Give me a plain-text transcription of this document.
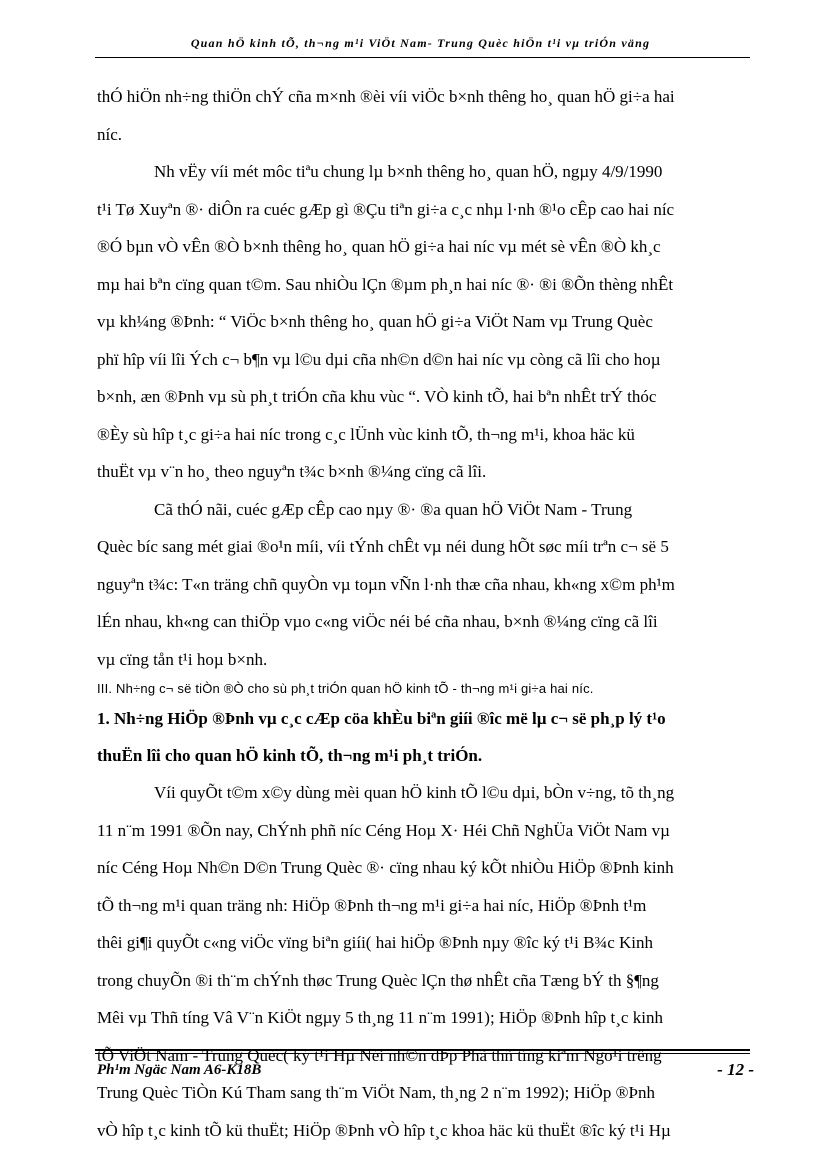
Quan hÖ kinh tÕ, th¬ng m¹i ViÖt Nam- Trung Quèc hiÖn t¹i vµ triÓn väng

thÓ hiÖn nh÷ng thiÖn chÝ cña m×nh ®èi víi viÖc b×nh thêng ho¸ quan hÖ gi÷a hai
níc.

Nh vËy víi mét môc tiªu chung lµ b×nh thêng ho¸ quan hÖ, ngµy 4/9/1990
t¹i Tø Xuyªn ®· diÔn ra cuéc gÆp gì ®Çu tiªn gi÷a c¸c nhµ l·nh ®¹o cÊp cao hai níc
®Ó bµn vÒ vÊn ®Ò b×nh thêng ho¸ quan hÖ gi÷a hai níc vµ mét sè vÊn ®Ò kh¸c
mµ hai bªn cïng quan t©m. Sau nhiÒu lÇn ®µm ph¸n hai níc ®· ®i ®Õn thèng nhÊt
vµ kh¼ng ®Þnh: “ ViÖc b×nh thêng ho¸ quan hÖ gi÷a ViÖt Nam vµ Trung Quèc
phï hîp víi lîi Ých c¬ b¶n vµ l©u dµi cña nh©n d©n hai níc vµ còng cã lîi cho hoµ
b×nh, æn ®Þnh vµ sù ph¸t triÓn cña khu vùc “. VÒ kinh tÕ, hai bªn nhÊt trÝ thóc
®Èy sù hîp t¸c gi÷a hai níc trong c¸c lÜnh vùc kinh tÕ, th¬ng m¹i, khoa häc kü
thuËt vµ v¨n ho¸ theo nguyªn t¾c b×nh ®¼ng cïng cã lîi.

Cã thÓ nãi, cuéc gÆp cÊp cao nµy ®· ®a quan hÖ ViÖt Nam - Trung
Quèc bíc sang mét giai ®o¹n míi, víi tÝnh chÊt vµ néi dung hÕt søc míi trªn c¬ së 5
nguyªn t¾c: T«n träng chñ quyÒn vµ toµn vÑn l·nh thæ cña nhau, kh«ng x©m ph¹m
lÉn nhau, kh«ng can thiÖp vµo c«ng viÖc néi bé cña nhau, b×nh ®¼ng cïng cã lîi
vµ cïng tån t¹i hoµ b×nh.

III. Nh÷ng c¬ së tiÒn ®Ò cho sù ph¸t triÓn quan hÖ kinh tÕ - th¬ng m¹i gi÷a hai níc.

1. Nh÷ng HiÖp ®Þnh vµ c¸c cÆp cöa khÈu biªn giíi ®îc më lµ c¬ së ph¸p lý t¹o
thuËn lîi cho quan hÖ kinh tÕ, th¬ng m¹i ph¸t triÓn.

Víi quyÕt t©m x©y dùng mèi quan hÖ kinh tÕ l©u dµi, bÒn v÷ng, tõ th¸ng
11 n¨m 1991 ®Õn nay, ChÝnh phñ níc Céng Hoµ X· Héi Chñ NghÜa ViÖt Nam vµ
níc Céng Hoµ Nh©n D©n Trung Quèc ®· cïng nhau ký kÕt nhiÒu HiÖp ®Þnh kinh
tÕ th¬ng m¹i quan träng nh: HiÖp ®Þnh th¬ng m¹i gi÷a hai níc, HiÖp ®Þnh t¹m
thêi gi¶i quyÕt c«ng viÖc vïng biªn giíi( hai hiÖp ®Þnh nµy ®îc ký t¹i B¾c Kinh
trong chuyÕn ®i th¨m chÝnh thøc Trung Quèc lÇn thø nhÊt cña Tæng bÝ th §¶ng
Mêi vµ Thñ tíng Vâ V¨n KiÖt ngµy 5 th¸ng 11 n¨m 1991); HiÖp ®Þnh hîp t¸c kinh
tÕ ViÖt Nam - Trung Quèc( ký t¹i Hµ Néi nh©n dÞp Phã thñ tíng kiªm Ngo¹i trëng
Trung Quèc TiÒn Kú Tham sang th¨m ViÖt Nam, th¸ng 2 n¨m 1992); HiÖp ®Þnh
vÒ hîp t¸c kinh tÕ kü thuËt; HiÖp ®Þnh vÒ hîp t¸c khoa häc kü thuËt ®îc ký t¹i Hµ

Ph¹m Ngäc Nam A6-K18B	- 12 -
